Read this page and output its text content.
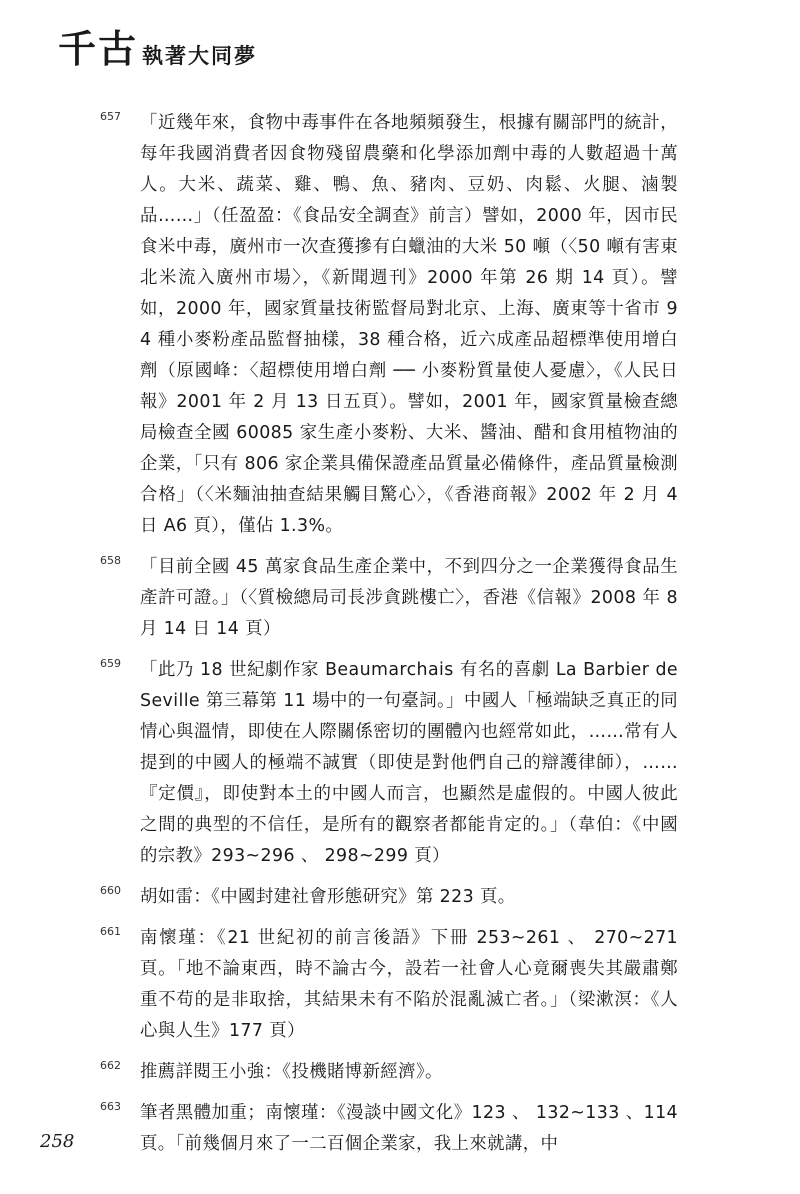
千古 執著大同夢
657	「近幾年來，食物中毒事件在各地頻頻發生，根據有關部門的統計，每年我國消費者因食物殘留農藥和化學添加劑中毒的人數超過十萬人。大米、蔬菜、雞、鴨、魚、豬肉、豆奶、肉鬆、火腿、滷製品……」（任盈盈：《食品安全調查》前言）譬如，2000 年，因市民食米中毒，廣州市一次查獲摻有白蠟油的大米 50 噸（〈50 噸有害東北米流入廣州市場〉，《新聞週刊》2000 年第 26 期 14 頁）。譬如，2000 年，國家質量技術監督局對北京、上海、廣東等十省市 94 種小麥粉產品監督抽樣，38 種合格，近六成產品超標準使用增白劑（原國峰：〈超標使用增白劑 ── 小麥粉質量使人憂慮〉，《人民日報》2001 年 2 月 13 日五頁）。譬如，2001 年，國家質量檢查總局檢查全國 60085 家生產小麥粉、大米、醬油、醋和食用植物油的企業，「只有 806 家企業具備保證產品質量必備條件，產品質量檢測合格」（〈米麵油抽查結果觸目驚心〉，《香港商報》2002 年 2 月 4 日 A6 頁），僅佔 1.3%。
658	「目前全國 45 萬家食品生產企業中，不到四分之一企業獲得食品生產許可證。」（〈質檢總局司長涉貪跳樓亡〉，香港《信報》2008 年 8 月 14 日 14 頁）
659	「此乃 18 世紀劇作家 Beaumarchais 有名的喜劇 La Barbier de Seville 第三幕第 11 場中的一句臺詞。」中國人「極端缺乏真正的同情心與溫情，即使在人際關係密切的團體內也經常如此，……常有人提到的中國人的極端不誠實（即使是對他們自己的辯護律師），……『定價』，即使對本土的中國人而言，也顯然是虛假的。中國人彼此之間的典型的不信任，是所有的觀察者都能肯定的。」（韋伯：《中國的宗教》293~296 、 298~299 頁）
660	胡如雷：《中國封建社會形態研究》第 223 頁。
661	南懷瑾：《21 世紀初的前言後語》下冊 253~261 、 270~271 頁。「地不論東西，時不論古今，設若一社會人心竟爾喪失其嚴肅鄭重不苟的是非取捨，其結果未有不陷於混亂滅亡者。」（梁漱溟：《人心與人生》177 頁）
662	推薦詳閱王小強：《投機賭博新經濟》。
663	筆者黑體加重；南懷瑾：《漫談中國文化》123 、 132~133 、114 頁。「前幾個月來了一二百個企業家，我上來就講，中
258
